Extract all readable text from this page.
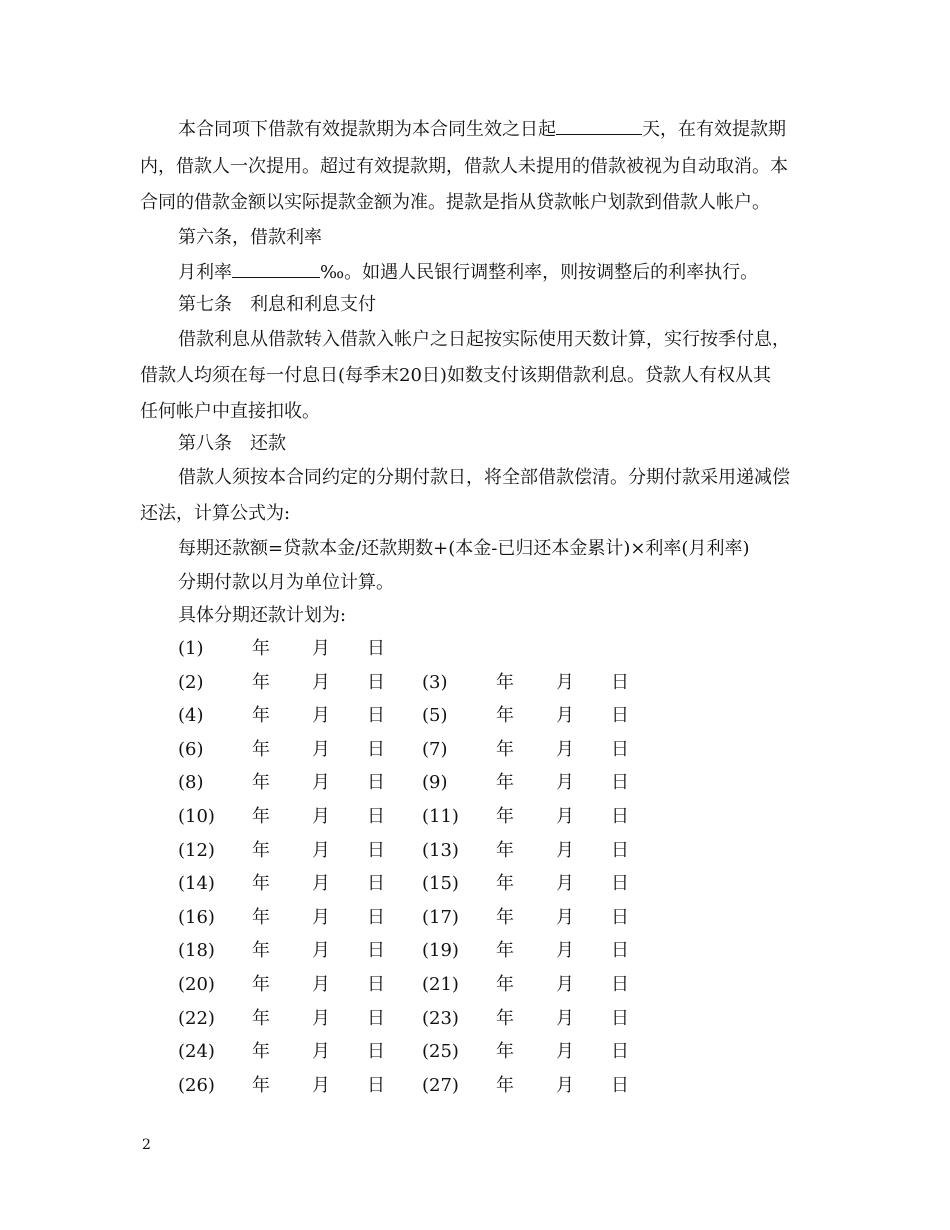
本合同项下借款有效提款期为本合同生效之日起	天，在有效提款期
内，借款人一次提用。超过有效提款期，借款人未提用的借款被视为自动取消。本
合同的借款金额以实际提款金额为准。提款是指从贷款帐户划款到借款人帐户。
第六条，借款利率
月利率	‰。如遇人民银行调整利率，则按调整后的利率执行。
第七条　利息和利息支付
借款利息从借款转入借款入帐户之日起按实际使用天数计算，实行按季付息，
借款人均须在每一付息日(每季末20日)如数支付该期借款利息。贷款人有权从其
任何帐户中直接扣收。
第八条　还款
借款人须按本合同约定的分期付款日，将全部借款偿清。分期付款采用递减偿
还法，计算公式为:
每期还款额=贷款本金/还款期数+(本金-已归还本金累计)×利率(月利率)
分期付款以月为单位计算。
具体分期还款计划为:
(1)	年 月 日
(2)	年 月 日 (3)	年 月 日
(4)	年 月 日 (5)	年 月 日
(6)	年 月 日 (7)	年 月 日
(8)	年 月 日 (9)	年 月 日
(10) 年 月 日 (11) 年 月 日
(12) 年 月 日 (13) 年 月 日
(14) 年 月 日 (15) 年 月 日
(16) 年 月 日 (17) 年 月 日
(18) 年 月 日 (19) 年 月 日
(20) 年 月 日 (21) 年 月 日
(22) 年 月 日 (23) 年 月 日
(24) 年 月 日 (25) 年 月 日
(26) 年 月 日 (27) 年 月 日
2
